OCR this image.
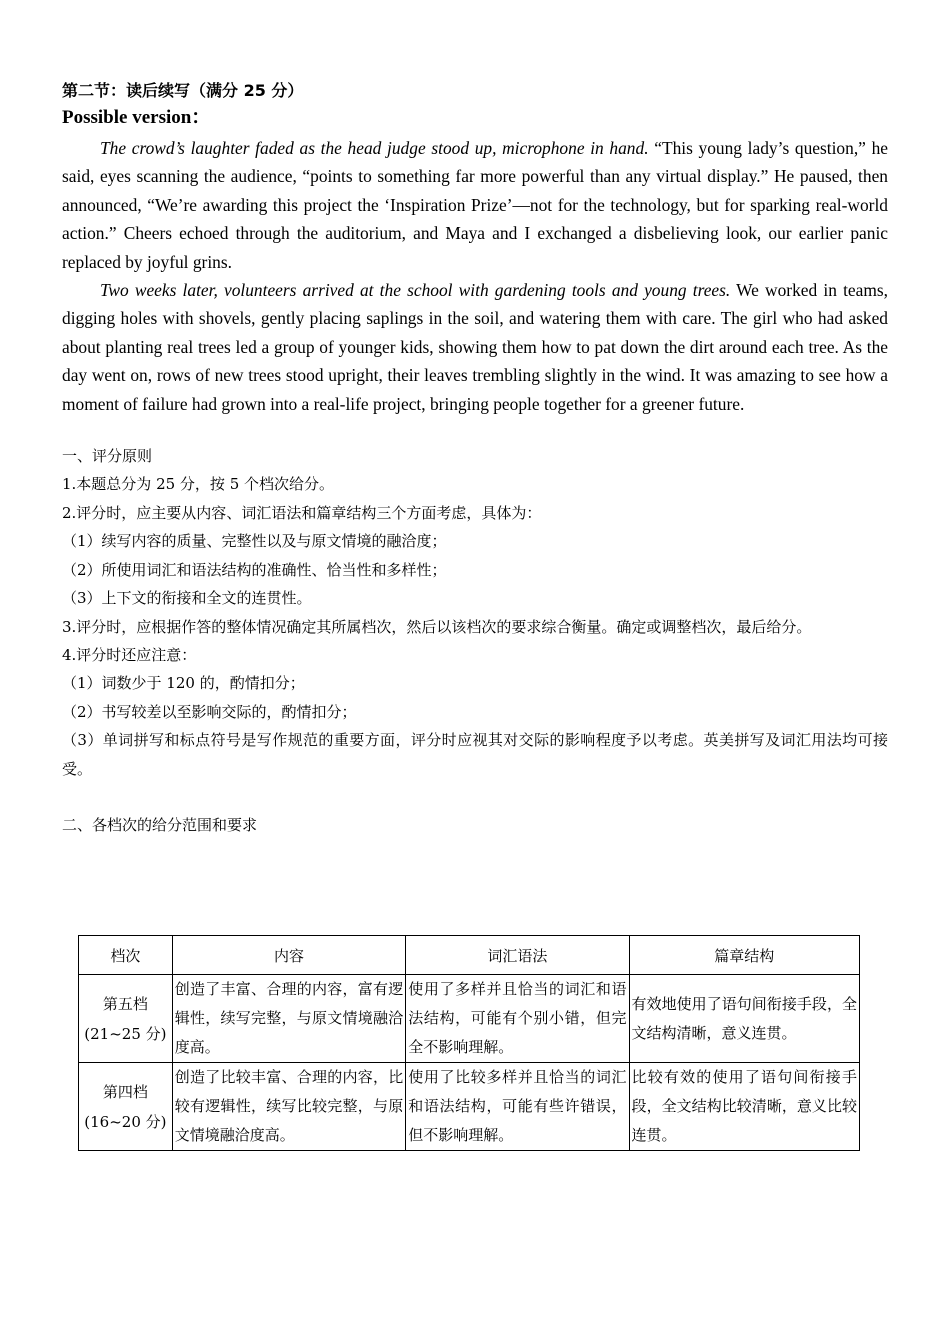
第二节：读后续写（满分 25 分）
Possible version：

The crowd’s laughter faded as the head judge stood up, microphone in hand. “This young lady’s question,” he said, eyes scanning the audience, “points to something far more powerful than any virtual display.” He paused, then announced, “We’re awarding this project the ‘Inspiration Prize’—not for the technology, but for sparking real-world action.” Cheers echoed through the auditorium, and Maya and I exchanged a disbelieving look, our earlier panic replaced by joyful grins.

Two weeks later, volunteers arrived at the school with gardening tools and young trees. We worked in teams, digging holes with shovels, gently placing saplings in the soil, and watering them with care. The girl who had asked about planting real trees led a group of younger kids, showing them how to pat down the dirt around each tree. As the day went on, rows of new trees stood upright, their leaves trembling slightly in the wind. It was amazing to see how a moment of failure had grown into a real-life project, bringing people together for a greener future.

一、评分原则

1.本题总分为 25 分，按 5 个档次给分。

2.评分时，应主要从内容、词汇语法和篇章结构三个方面考虑，具体为：

（1）续写内容的质量、完整性以及与原文情境的融洽度；

（2）所使用词汇和语法结构的准确性、恰当性和多样性；

（3）上下文的衔接和全文的连贯性。

3.评分时，应根据作答的整体情况确定其所属档次，然后以该档次的要求综合衡量。确定或调整档次，最后给分。

4.评分时还应注意：

（1）词数少于 120 的，酌情扣分；

（2）书写较差以至影响交际的，酌情扣分；

（3）单词拼写和标点符号是写作规范的重要方面，评分时应视其对交际的影响程度予以考虑。英美拼写及词汇用法均可接受。

二、各档次的给分范围和要求

档次	内容	词汇语法	篇章结构

第五档
(21~25 分)	创造了丰富、合理的内容，富有逻辑性，续写完整，与原文情境融洽度高。	使用了多样并且恰当的词汇和语法结构，可能有个别小错，但完全不影响理解。	有效地使用了语句间衔接手段，全文结构清晰，意义连贯。

第四档
(16~20 分)	创造了比较丰富、合理的内容，比较有逻辑性，续写比较完整，与原文情境融洽度高。	使用了比较多样并且恰当的词汇和语法结构，可能有些许错误，但不影响理解。	比较有效的使用了语句间衔接手段，全文结构比较清晰，意义比较连贯。
